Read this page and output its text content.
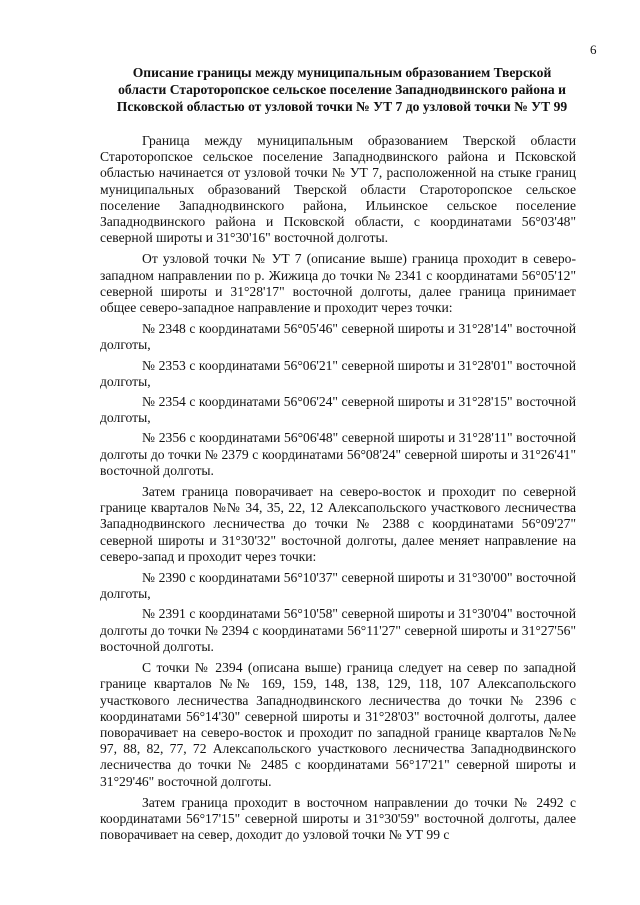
6
Описание границы между муниципальным образованием Тверской области Староторопское сельское поселение Западнодвинского района и Псковской областью от узловой точки № УТ 7 до узловой точки № УТ 99

Граница между муниципальным образованием Тверской области Староторопское сельское поселение Западнодвинского района и Псковской областью начинается от узловой точки № УТ 7, расположенной на стыке границ муниципальных образований Тверской области Староторопское сельское поселение Западнодвинского района, Ильинское сельское поселение Западнодвинского района и Псковской области, с координатами 56°03'48" северной широты и 31°30'16" восточной долготы.

От узловой точки № УТ 7 (описание выше) граница проходит в северо-западном направлении по р. Жижица до точки № 2341 с координатами 56°05'12" северной широты и 31°28'17" восточной долготы, далее граница принимает общее северо-западное направление и проходит через точки:

№ 2348 с координатами 56°05'46" северной широты и 31°28'14" восточной долготы,

№ 2353 с координатами 56°06'21" северной широты и 31°28'01" восточной долготы,

№ 2354 с координатами 56°06'24" северной широты и 31°28'15" восточной долготы,

№ 2356 с координатами 56°06'48" северной широты и 31°28'11" восточной долготы до точки № 2379 с координатами 56°08'24" северной широты и 31°26'41" восточной долготы.

Затем граница поворачивает на северо-восток и проходит по северной границе кварталов №№ 34, 35, 22, 12 Алексапольского участкового лесничества Западнодвинского лесничества до точки № 2388 с координатами 56°09'27" северной широты и 31°30'32" восточной долготы, далее меняет направление на северо-запад и проходит через точки:

№ 2390 с координатами 56°10'37" северной широты и 31°30'00" восточной долготы,

№ 2391 с координатами 56°10'58" северной широты и 31°30'04" восточной долготы до точки № 2394 с координатами 56°11'27" северной широты и 31°27'56" восточной долготы.

С точки № 2394 (описана выше) граница следует на север по западной границе кварталов №№ 169, 159, 148, 138, 129, 118, 107 Алексапольского участкового лесничества Западнодвинского лесничества до точки № 2396 с координатами 56°14'30" северной широты и 31°28'03" восточной долготы, далее поворачивает на северо-восток и проходит по западной границе кварталов №№ 97, 88, 82, 77, 72 Алексапольского участкового лесничества Западнодвинского лесничества до точки № 2485 с координатами 56°17'21" северной широты и 31°29'46" восточной долготы.

Затем граница проходит в восточном направлении до точки № 2492 с координатами 56°17'15" северной широты и 31°30'59" восточной долготы, далее поворачивает на север, доходит до узловой точки № УТ 99 с
